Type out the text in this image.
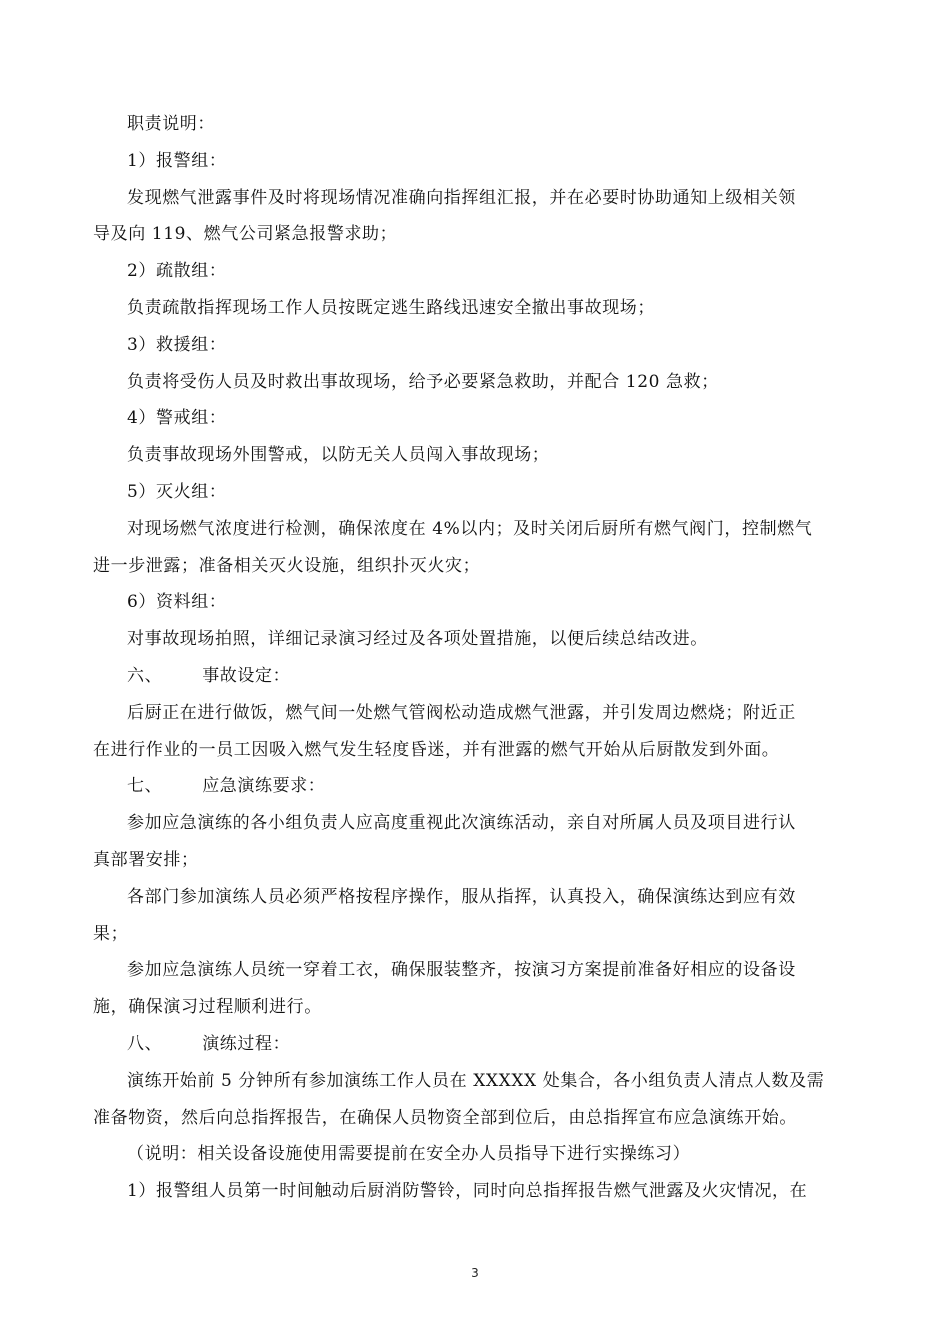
职责说明：
1）报警组：
发现燃气泄露事件及时将现场情况准确向指挥组汇报，并在必要时协助通知上级相关领
导及向 119、燃气公司紧急报警求助；
2）疏散组：
负责疏散指挥现场工作人员按既定逃生路线迅速安全撤出事故现场；
3）救援组：
负责将受伤人员及时救出事故现场，给予必要紧急救助，并配合 120 急救；
4）警戒组：
负责事故现场外围警戒，以防无关人员闯入事故现场；
5）灭火组：
对现场燃气浓度进行检测，确保浓度在 4%以内；及时关闭后厨所有燃气阀门，控制燃气
进一步泄露；准备相关灭火设施，组织扑灭火灾；
6）资料组：
对事故现场拍照，详细记录演习经过及各项处置措施，以便后续总结改进。
六、 事故设定：
后厨正在进行做饭，燃气间一处燃气管阀松动造成燃气泄露，并引发周边燃烧；附近正
在进行作业的一员工因吸入燃气发生轻度昏迷，并有泄露的燃气开始从后厨散发到外面。
七、 应急演练要求：
参加应急演练的各小组负责人应高度重视此次演练活动，亲自对所属人员及项目进行认
真部署安排；
各部门参加演练人员必须严格按程序操作，服从指挥，认真投入，确保演练达到应有效
果；
参加应急演练人员统一穿着工衣，确保服装整齐，按演习方案提前准备好相应的设备设
施，确保演习过程顺利进行。
八、 演练过程：
演练开始前 5 分钟所有参加演练工作人员在 XXXXX 处集合，各小组负责人清点人数及需
准备物资，然后向总指挥报告，在确保人员物资全部到位后，由总指挥宣布应急演练开始。
（说明：相关设备设施使用需要提前在安全办人员指导下进行实操练习）
1）报警组人员第一时间触动后厨消防警铃，同时向总指挥报告燃气泄露及火灾情况，在
3
